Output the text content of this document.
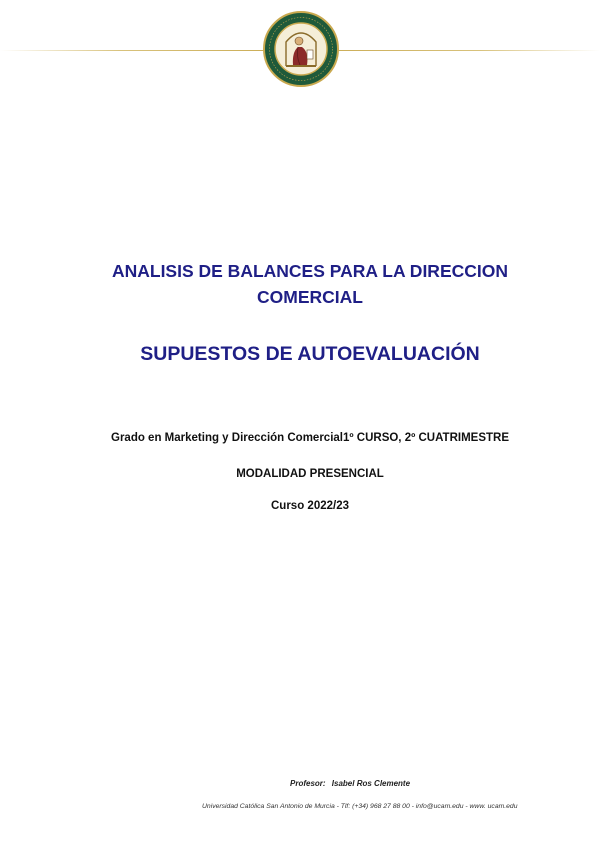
ANALISIS DE BALANCES PARA LA DIRECCION
COMERCIAL
SUPUESTOS DE AUTOEVALUACIÓN
Grado en Marketing y Dirección Comercial1º CURSO, 2º CUATRIMESTRE
MODALIDAD PRESENCIAL
Curso 2022/23
Profesor: Isabel Ros Clemente
Universidad Católica San Antonio de Murcia - Tlf: (+34) 968 27 88 00 - info@ucam.edu - www. ucam.edu
